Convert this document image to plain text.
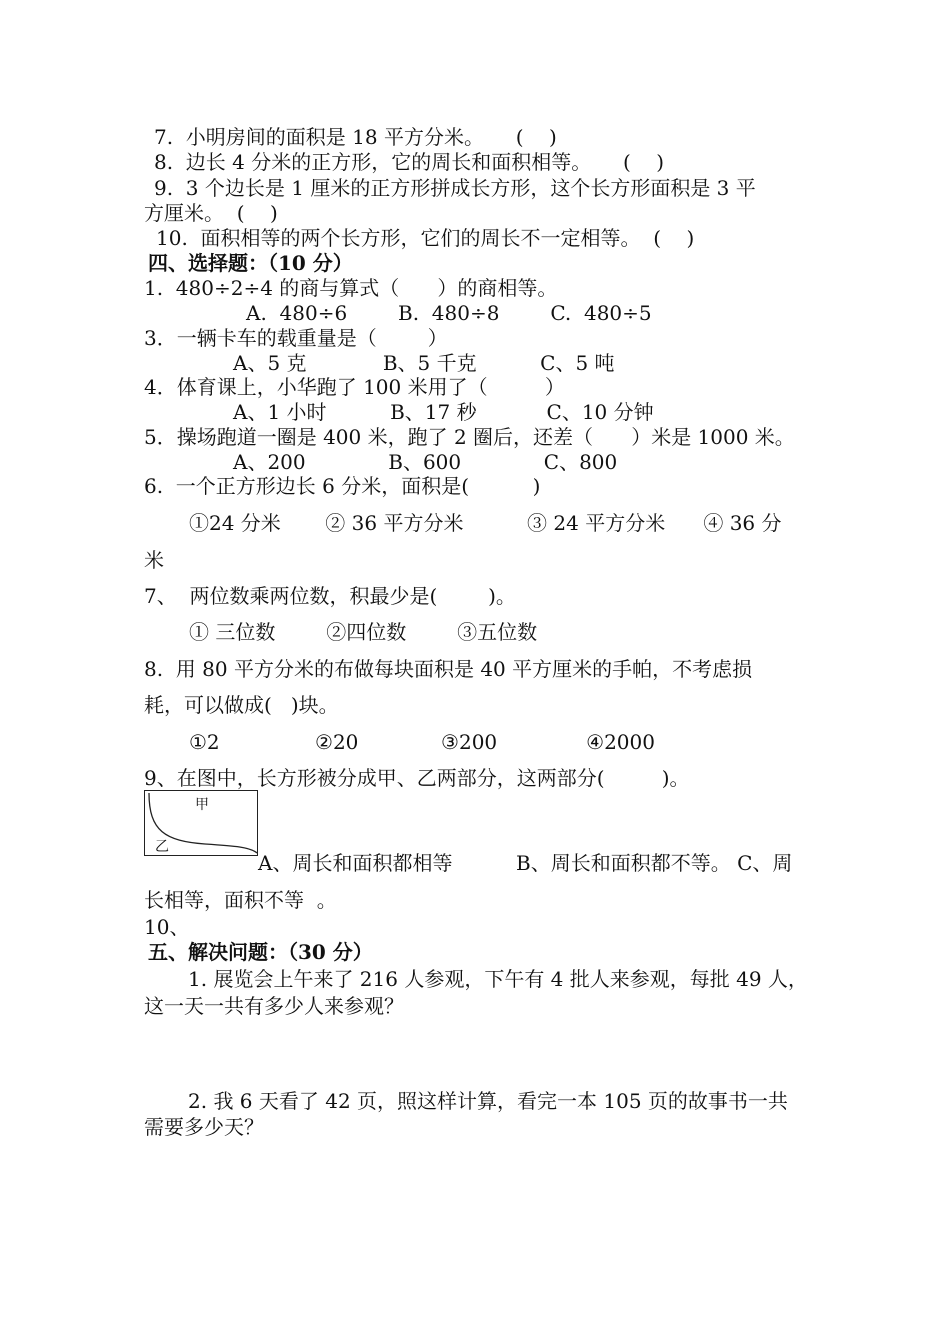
7.  小明房间的面积是 18 平方分米。     (    )
8.  边长 4 分米的正方形，它的周长和面积相等。     (    )
9.  3 个边长是 1 厘米的正方形拼成长方形，这个长方形面积是 3 平
方厘米。  (    )
10.  面积相等的两个长方形，它们的周长不一定相等。  (    )
四、选择题：（10 分）
1.  480÷2÷4 的商与算式（      ）的商相等。
A.  480÷6        B.  480÷8        C.  480÷5
3．一辆卡车的载重量是（        ）
A、5 克            B、5 千克          C、5 吨
4．体育课上，小华跑了 100 米用了（         ）
A、1 小时          B、17 秒           C、10 分钟
5．操场跑道一圈是 400 米，跑了 2 圈后，还差（      ）米是 1000 米。
A、200             B、600             C、800
6.  一个正方形边长 6 分米，面积是(          )
①24 分米       ② 36 平方分米          ③ 24 平方分米      ④ 36 分
米
7、  两位数乘两位数，积最少是(        )。
① 三位数        ②四位数        ③五位数
8.  用 80 平方分米的布做每块面积是 40 平方厘米的手帕，不考虑损
耗，可以做成(   )块。
①2               ②20             ③200              ④2000
9、在图中，长方形被分成甲、乙两部分，这两部分(         )。
甲
乙
A、周长和面积都相等          B、周长和面积都不等。 C、周
长相等，面积不等  。
10、
五、解决问题：（30 分）
1. 展览会上午来了 216 人参观，下午有 4 批人来参观，每批 49 人，
这一天一共有多少人来参观？
2. 我 6 天看了 42 页，照这样计算，看完一本 105 页的故事书一共
需要多少天？
